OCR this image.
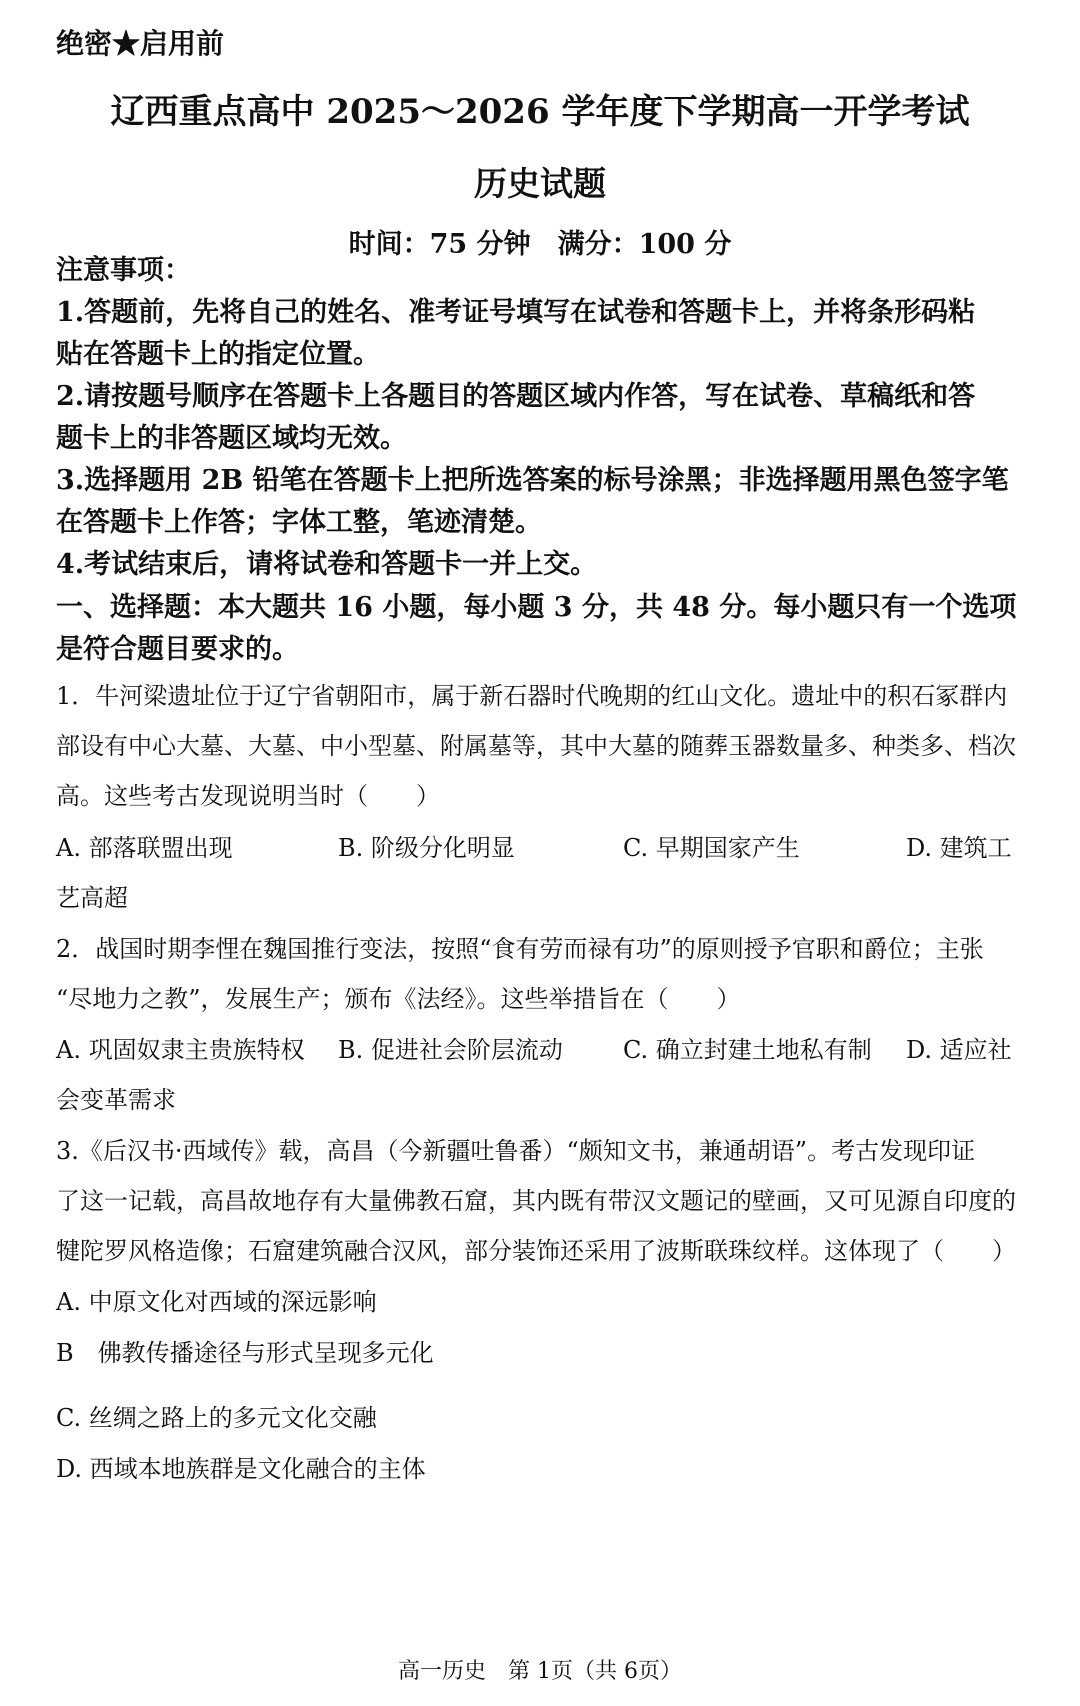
绝密★启用前
辽西重点高中 2025～2026 学年度下学期高一开学考试
历史试题
时间：75 分钟　满分：100 分
注意事项：
1.答题前，先将自己的姓名、准考证号填写在试卷和答题卡上，并将条形码粘
贴在答题卡上的指定位置。
2.请按题号顺序在答题卡上各题目的答题区域内作答，写在试卷、草稿纸和答
题卡上的非答题区域均无效。
3.选择题用 2B 铅笔在答题卡上把所选答案的标号涂黑；非选择题用黑色签字笔
在答题卡上作答；字体工整，笔迹清楚。
4.考试结束后，请将试卷和答题卡一并上交。
一、选择题：本大题共 16 小题，每小题 3 分，共 48 分。每小题只有一个选项
是符合题目要求的。
1．牛河梁遗址位于辽宁省朝阳市，属于新石器时代晚期的红山文化。遗址中的积石冢群内
部设有中心大墓、大墓、中小型墓、附属墓等，其中大墓的随葬玉器数量多、种类多、档次
高。这些考古发现说明当时（　　）
A. 部落联盟出现	B. 阶级分化明显	C. 早期国家产生	D. 建筑工
艺高超
2．战国时期李悝在魏国推行变法，按照“食有劳而禄有功”的原则授予官职和爵位；主张
“尽地力之教”，发展生产；颁布《法经》。这些举措旨在（　　）
A. 巩固奴隶主贵族特权 B. 促进社会阶层流动	C. 确立封建土地私有制 D. 适应社
会变革需求
3.《后汉书·西域传》载，高昌（今新疆吐鲁番）“颇知文书，兼通胡语”。考古发现印证
了这一记载，高昌故地存有大量佛教石窟，其内既有带汉文题记的壁画，又可见源自印度的
犍陀罗风格造像；石窟建筑融合汉风，部分装饰还采用了波斯联珠纹样。这体现了（　　）
A. 中原文化对西域的深远影响
B　佛教传播途径与形式呈现多元化
C. 丝绸之路上的多元文化交融
D. 西域本地族群是文化融合的主体
高一历史　第 1页（共 6页）
